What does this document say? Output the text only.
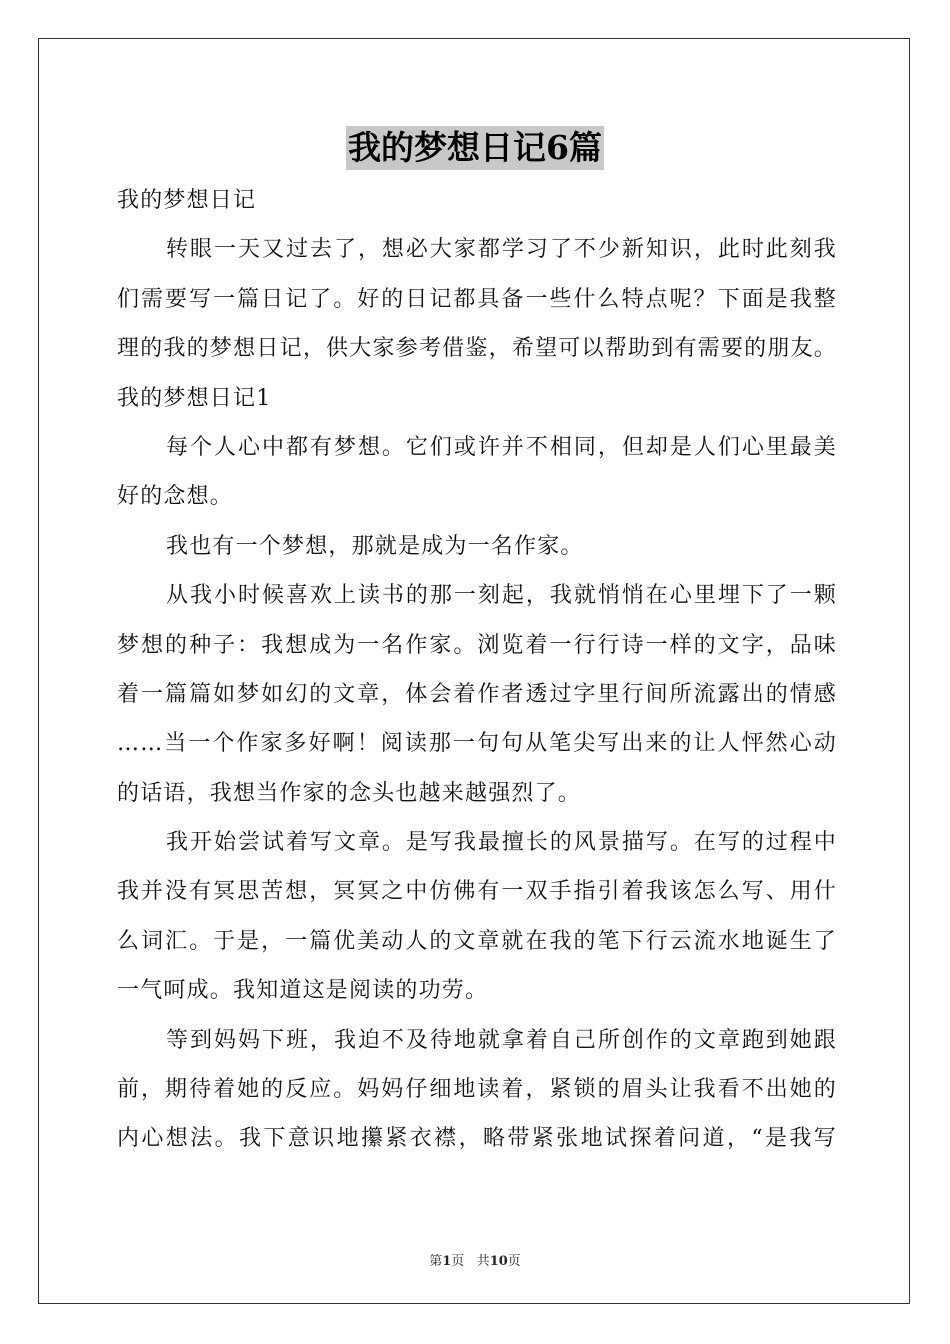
我的梦想日记6篇
我的梦想日记
转眼一天又过去了，想必大家都学习了不少新知识，此时此刻我
们需要写一篇日记了。好的日记都具备一些什么特点呢？下面是我整
理的我的梦想日记，供大家参考借鉴，希望可以帮助到有需要的朋友。
我的梦想日记1
每个人心中都有梦想。它们或许并不相同，但却是人们心里最美
好的念想。
我也有一个梦想，那就是成为一名作家。
从我小时候喜欢上读书的那一刻起，我就悄悄在心里埋下了一颗
梦想的种子：我想成为一名作家。浏览着一行行诗一样的文字，品味
着一篇篇如梦如幻的文章，体会着作者透过字里行间所流露出的情感
……当一个作家多好啊！阅读那一句句从笔尖写出来的让人怦然心动
的话语，我想当作家的念头也越来越强烈了。
我开始尝试着写文章。是写我最擅长的风景描写。在写的过程中
我并没有冥思苦想，冥冥之中仿佛有一双手指引着我该怎么写、用什
么词汇。于是，一篇优美动人的文章就在我的笔下行云流水地诞生了
一气呵成。我知道这是阅读的功劳。
等到妈妈下班，我迫不及待地就拿着自己所创作的文章跑到她跟
前，期待着她的反应。妈妈仔细地读着，紧锁的眉头让我看不出她的
内心想法。我下意识地攥紧衣襟，略带紧张地试探着问道，“是我写
第1页 共10页
